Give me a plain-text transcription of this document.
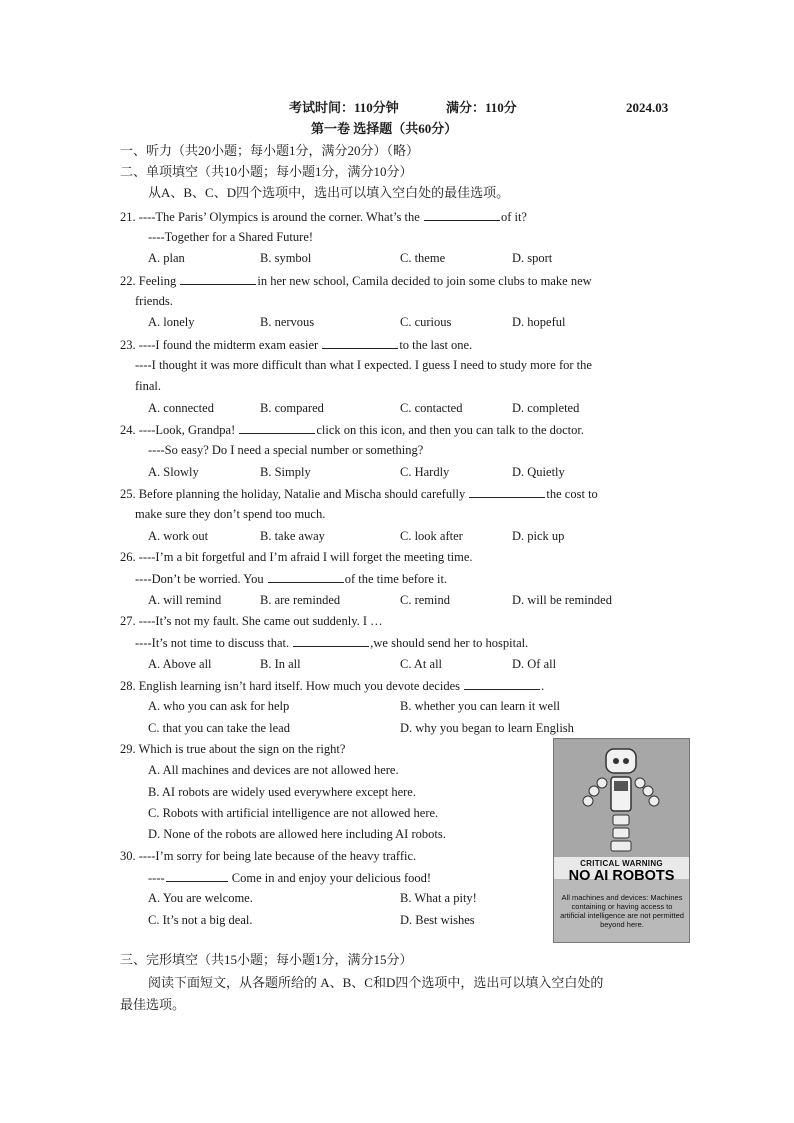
考试时间：110分钟	满分：110分	2024.03
第一卷 选择题（共60分）
一、听力（共20小题；每小题1分，满分20分）（略）
二、单项填空（共10小题；每小题1分，满分10分）
从A、B、C、D四个选项中，选出可以填入空白处的最佳选项。
21. ----The Paris’ Olympics is around the corner. What’s the	of it?
----Together for a Shared Future!
A. plan	B. symbol	C. theme	D. sport
22. Feeling	in her new school, Camila decided to join some clubs to make new
friends.
A. lonely	B. nervous	C. curious	D. hopeful
23. ----I found the midterm exam easier	to the last one.
----I thought it was more difficult than what I expected. I guess I need to study more for the
final.
A. connected	B. compared	C. contacted	D. completed
24. ----Look, Grandpa!	click on this icon, and then you can talk to the doctor.
----So easy? Do I need a special number or something?
A. Slowly	B. Simply	C. Hardly	D. Quietly
25. Before planning the holiday, Natalie and Mischa should carefully	the cost to
make sure they don’t spend too much.
A. work out	B. take away	C. look after	D. pick up
26. ----I’m a bit forgetful and I’m afraid I will forget the meeting time.
----Don’t be worried. You	of the time before it.
A. will remind	B. are reminded	C. remind	D. will be reminded
27. ----It’s not my fault. She came out suddenly. I …
----It’s not time to discuss that.	,we should send her to hospital.
A. Above all	B. In all	C. At all	D. Of all
28. English learning isn’t hard itself. How much you devote decides	.
A. who you can ask for help	B. whether you can learn it well
C. that you can take the lead	D. why you began to learn English
29. Which is true about the sign on the right?
A. All machines and devices are not allowed here.
B. AI robots are widely used everywhere except here.
C. Robots with artificial intelligence are not allowed here.
D. None of the robots are allowed here including AI robots.
30. ----I’m sorry for being late because of the heavy traffic.
----	Come in and enjoy your delicious food!
A. You are welcome.	B. What a pity!
C. It’s not a big deal.	D. Best wishes
三、完形填空（共15小题；每小题1分，满分15分）
阅读下面短文，从各题所给的 A、B、C和D四个选项中，选出可以填入空白处的
最佳选项。
CRITICAL WARNING
NO AI ROBOTS
All machines and devices: Machines containing or having access to artificial intelligence are not permitted beyond here.
